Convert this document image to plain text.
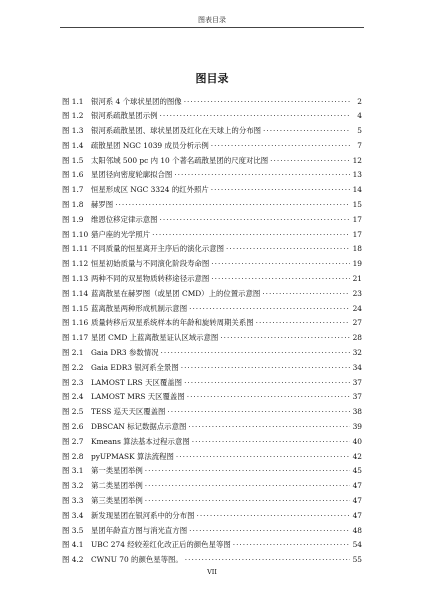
图表目录
图目录
图 1.1	银河系 4 个球状星团的图像 ·····	2
图 1.2	银河系疏散星团示例 ·····	4
图 1.3	银河系疏散星团、球状星团及红化在天球上的分布图 ·····	5
图 1.4	疏散星团 NGC 1039 成员分析示例 ·····	7
图 1.5	太阳邻域 500 pc 内 10 个著名疏散星团的尺度对比图 ·····	12
图 1.6	星团径向密度轮廓拟合图 ·····	13
图 1.7	恒星形成区 NGC 3324 的红外照片 ·····	14
图 1.8	赫罗图 ·····	15
图 1.9	维恩位移定律示意图 ·····	17
图 1.10 猎户座的光学照片 ·····	17
图 1.11 不同质量的恒星离开主序后的演化示意图 ·····	18
图 1.12 恒星初始质量与不同演化阶段寿命图 ·····	19
图 1.13 两种不同的双星物质转移途径示意图 ·····	21
图 1.14 蓝离散星在赫罗图（或星团 CMD）上的位置示意图 ·····	23
图 1.15 蓝离散星两种形成机制示意图 ·····	24
图 1.16 质量转移后双星系统样本的年龄和旋转周期关系图 ·····	27
图 1.17 星团 CMD 上蓝离散星证认区域示意图 ·····	28
图 2.1	Gaia DR3 参数情况 ·····	32
图 2.2	Gaia EDR3 银河系全景图 ·····	34
图 2.3	LAMOST LRS 天区覆盖图 ·····	37
图 2.4	LAMOST MRS 天区覆盖图 ·····	37
图 2.5	TESS 巡天天区覆盖图 ·····	38
图 2.6	DBSCAN 标记数据点示意图 ·····	39
图 2.7	Kmeans 算法基本过程示意图 ·····	40
图 2.8	pyUPMASK 算法流程图 ·····	42
图 3.1	第一类星团举例 ·····	45
图 3.2	第二类星团举例 ·····	47
图 3.3	第三类星团举例 ·····	47
图 3.4	新发现星团在银河系中的分布图 ·····	47
图 3.5	星团年龄直方图与消光直方图 ·····	48
图 4.1	UBC 274 经较差红化改正后的颜色星等图 ·····	54
图 4.2	CWNU 70 的颜色星等图。 ·····	55
VII
